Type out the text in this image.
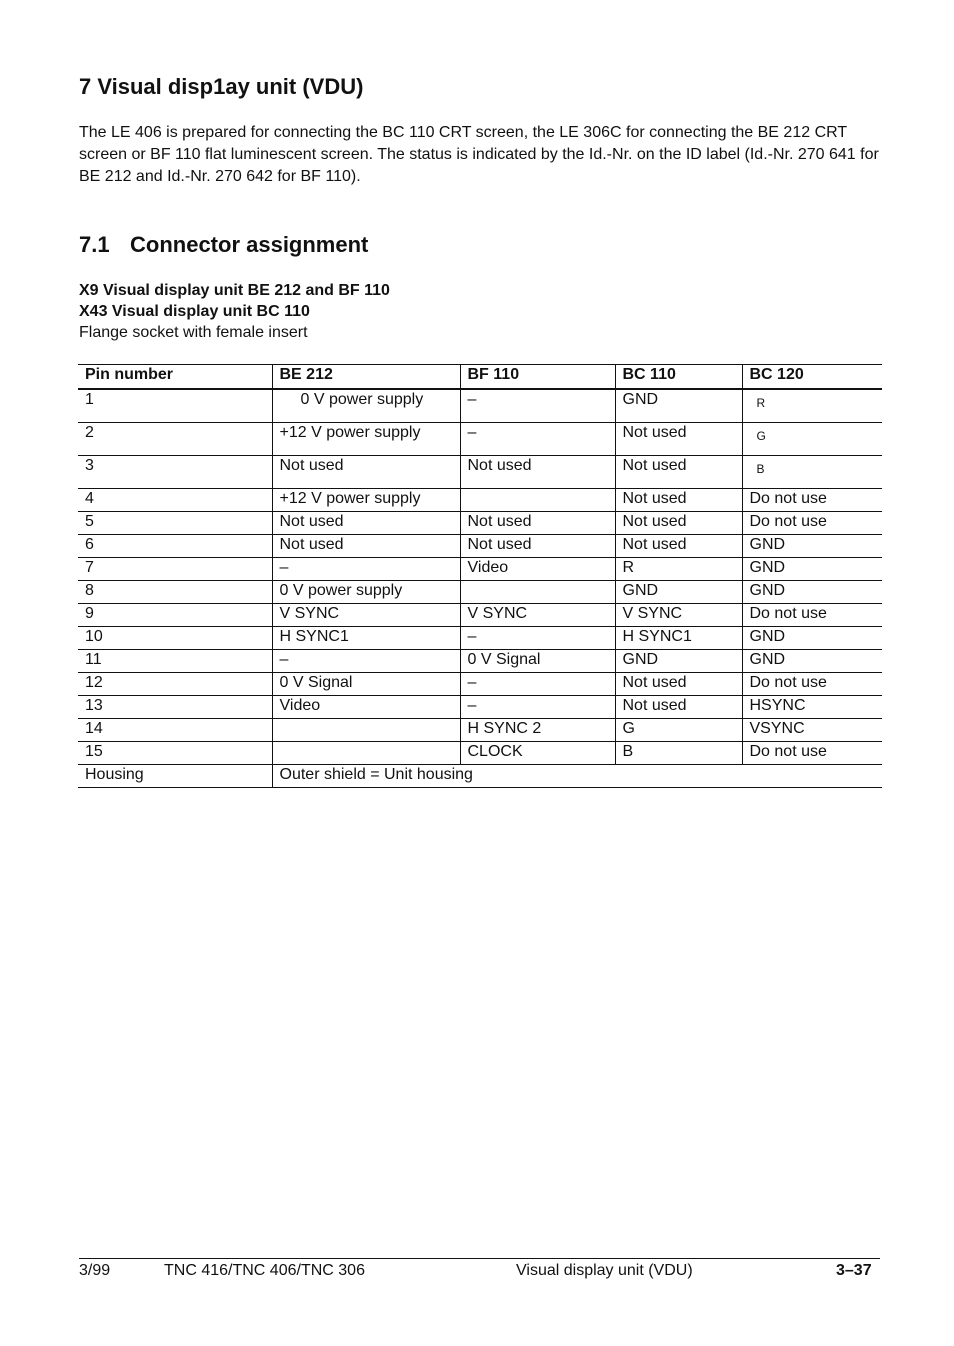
7 Visual disp1ay unit (VDU)

The LE 406 is prepared for connecting the BC 110 CRT screen, the LE 306C for connecting the BE 212 CRT screen or BF 110 flat luminescent screen. The status is indicated by the Id.-Nr. on the ID label (Id.-Nr. 270 641 for BE 212 and Id.-Nr. 270 642 for BF 110).

7.1 Connector assignment
X9 Visual display unit BE 212 and BF 110
X43 Visual display unit BC 110
Flange socket with female insert
Pin number	BE 212	BF 110	BC 110	BC 120
1	0 V power supply	–	GND	R
2	+12 V power supply	–	Not used	G
3	Not used	Not used	Not used	B
4	+12 V power supply		Not used	Do not use
5	Not used	Not used	Not used	Do not use
6	Not used	Not used	Not used	GND
7	–	Video	R	GND
8	0 V power supply		GND	GND
9	V SYNC	V SYNC	V SYNC	Do not use
10	H SYNC1	–	H SYNC1	GND
11	–	0 V Signal	GND	GND
12	0 V Signal	–	Not used	Do not use
13	Video	–	Not used	HSYNC
14		H SYNC 2	G	VSYNC
15		CLOCK	B	Do not use
Housing	Outer shield = Unit housing			
3/99	TNC 416/TNC 406/TNC 306	Visual display unit (VDU)	3–37
